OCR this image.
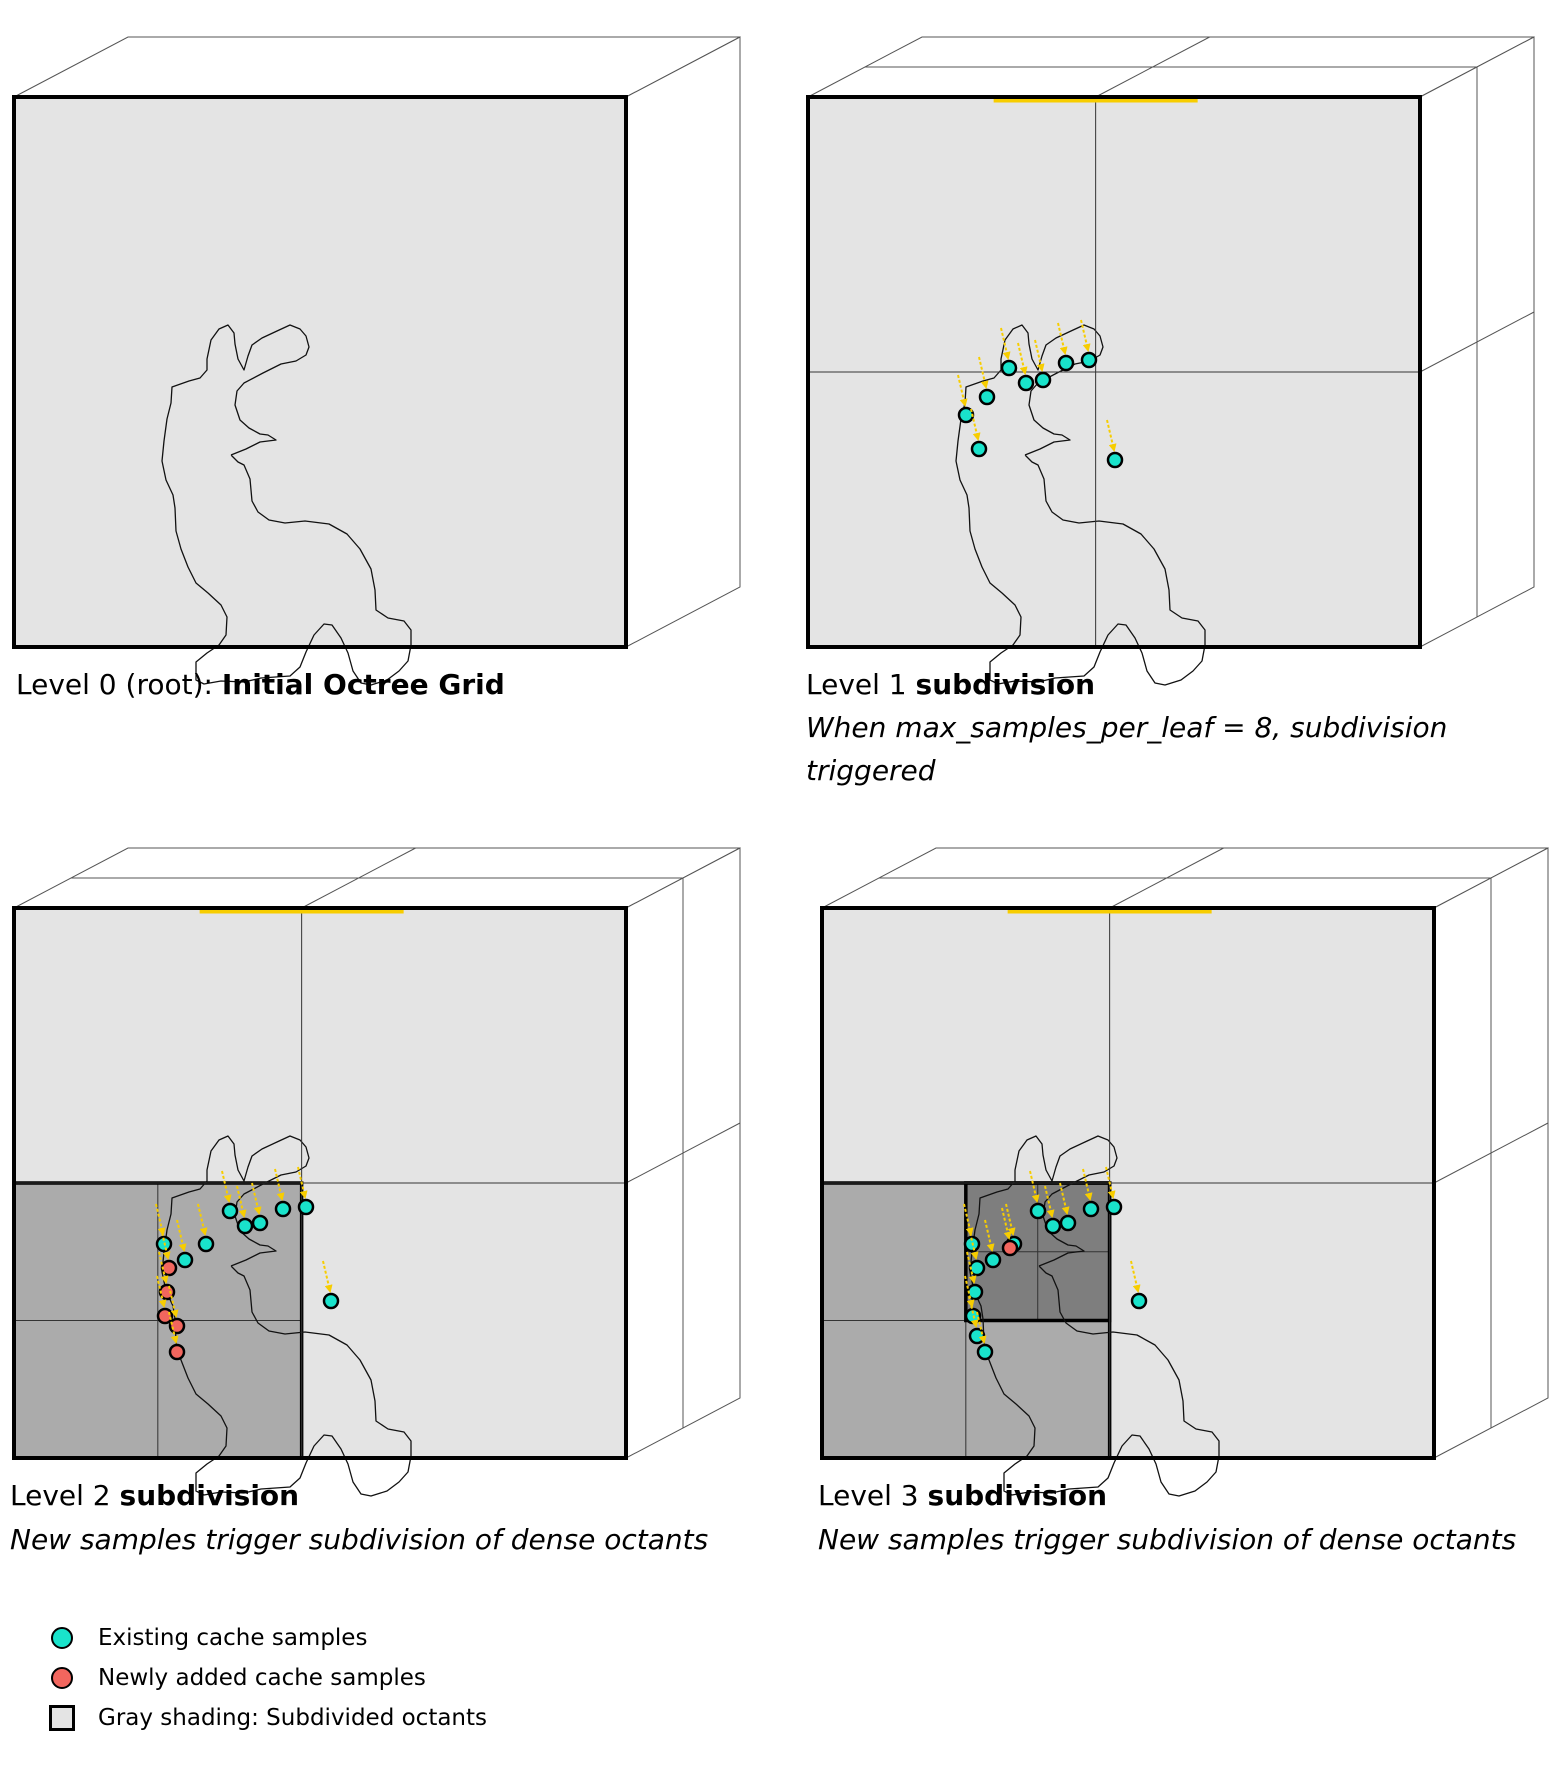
Level 0 (root): Initial Octree Grid	Level 1 subdivision
When max_samples_per_leaf = 8, subdivision triggered
Level 2 subdivision
New samples trigger subdivision of dense octants
Level 3 subdivision
New samples trigger subdivision of dense octants
Existing cache samples
Newly added cache samples
Gray shading: Subdivided octants
